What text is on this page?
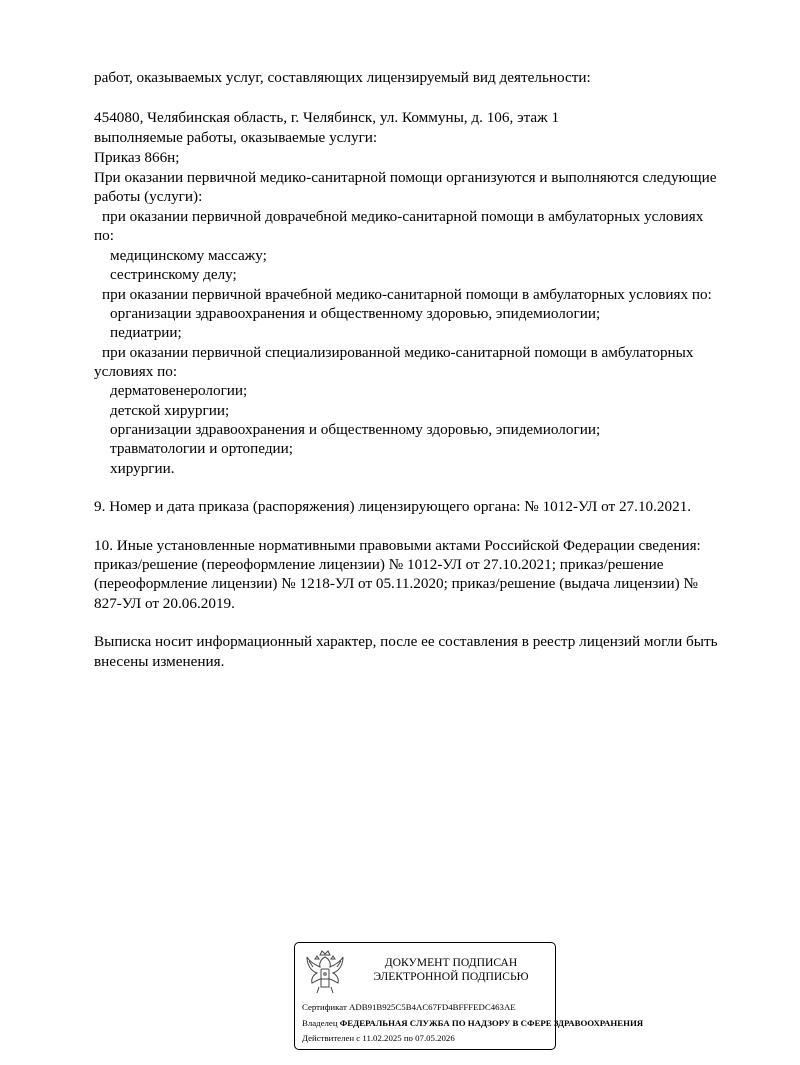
работ, оказываемых услуг, составляющих лицензируемый вид деятельности:
454080, Челябинская область, г. Челябинск, ул. Коммуны, д. 106, этаж 1
выполняемые работы, оказываемые услуги:
Приказ 866н;
При оказании первичной медико-санитарной помощи организуются и выполняются следующие
работы (услуги):
при оказании первичной доврачебной медико-санитарной помощи в амбулаторных условиях
по:
медицинскому массажу;
сестринскому делу;
при оказании первичной врачебной медико-санитарной помощи в амбулаторных условиях по:
организации здравоохранения и общественному здоровью, эпидемиологии;
педиатрии;
при оказании первичной специализированной медико-санитарной помощи в амбулаторных
условиях по:
дерматовенерологии;
детской хирургии;
организации здравоохранения и общественному здоровью, эпидемиологии;
травматологии и ортопедии;
хирургии.
9. Номер и дата приказа (распоряжения) лицензирующего органа: № 1012-УЛ от 27.10.2021.
10. Иные установленные нормативными правовыми актами Российской Федерации сведения:
приказ/решение (переоформление лицензии) № 1012-УЛ от 27.10.2021; приказ/решение
(переоформление лицензии) № 1218-УЛ от 05.11.2020; приказ/решение (выдача лицензии) №
827-УЛ от 20.06.2019.
Выписка носит информационный характер, после ее составления в реестр лицензий могли быть
внесены изменения.
ДОКУМЕНТ ПОДПИСАН
ЭЛЕКТРОННОЙ ПОДПИСЬЮ
Сертификат ADB91B925C5B4AC67FD4BFFFEDC463AE
Владелец ФЕДЕРАЛЬНАЯ СЛУЖБА ПО НАДЗОРУ В СФЕРЕ ЗДРАВООХРАНЕНИЯ
Действителен с 11.02.2025 по 07.05.2026
